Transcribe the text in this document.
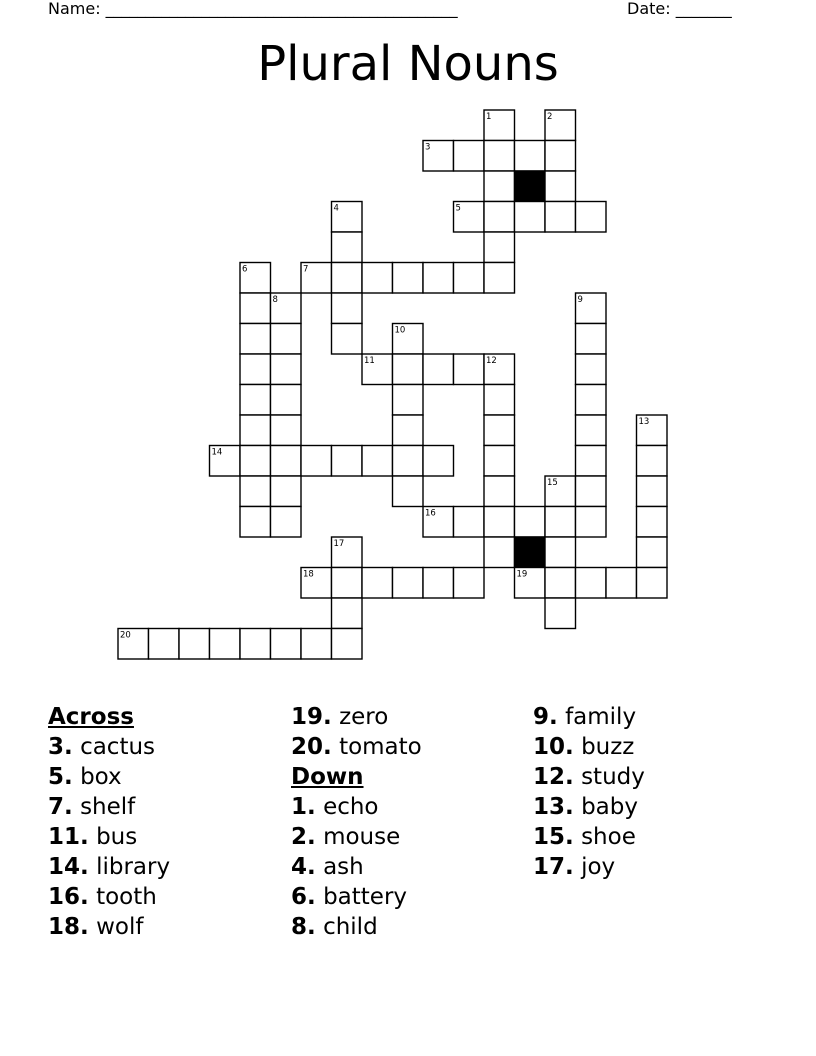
Name: ____________________________________________	Date: _______
Plural Nouns
1	2
3
4	5
6	7
8	9
10
11	12
13
14
15
16
17
18	19
20
Across
3. cactus
5. box
7. shelf
11. bus
14. library
16. tooth
18. wolf
19. zero
20. tomato
Down
1. echo
2. mouse
4. ash
6. battery
8. child
9. family
10. buzz
12. study
13. baby
15. shoe
17. joy
